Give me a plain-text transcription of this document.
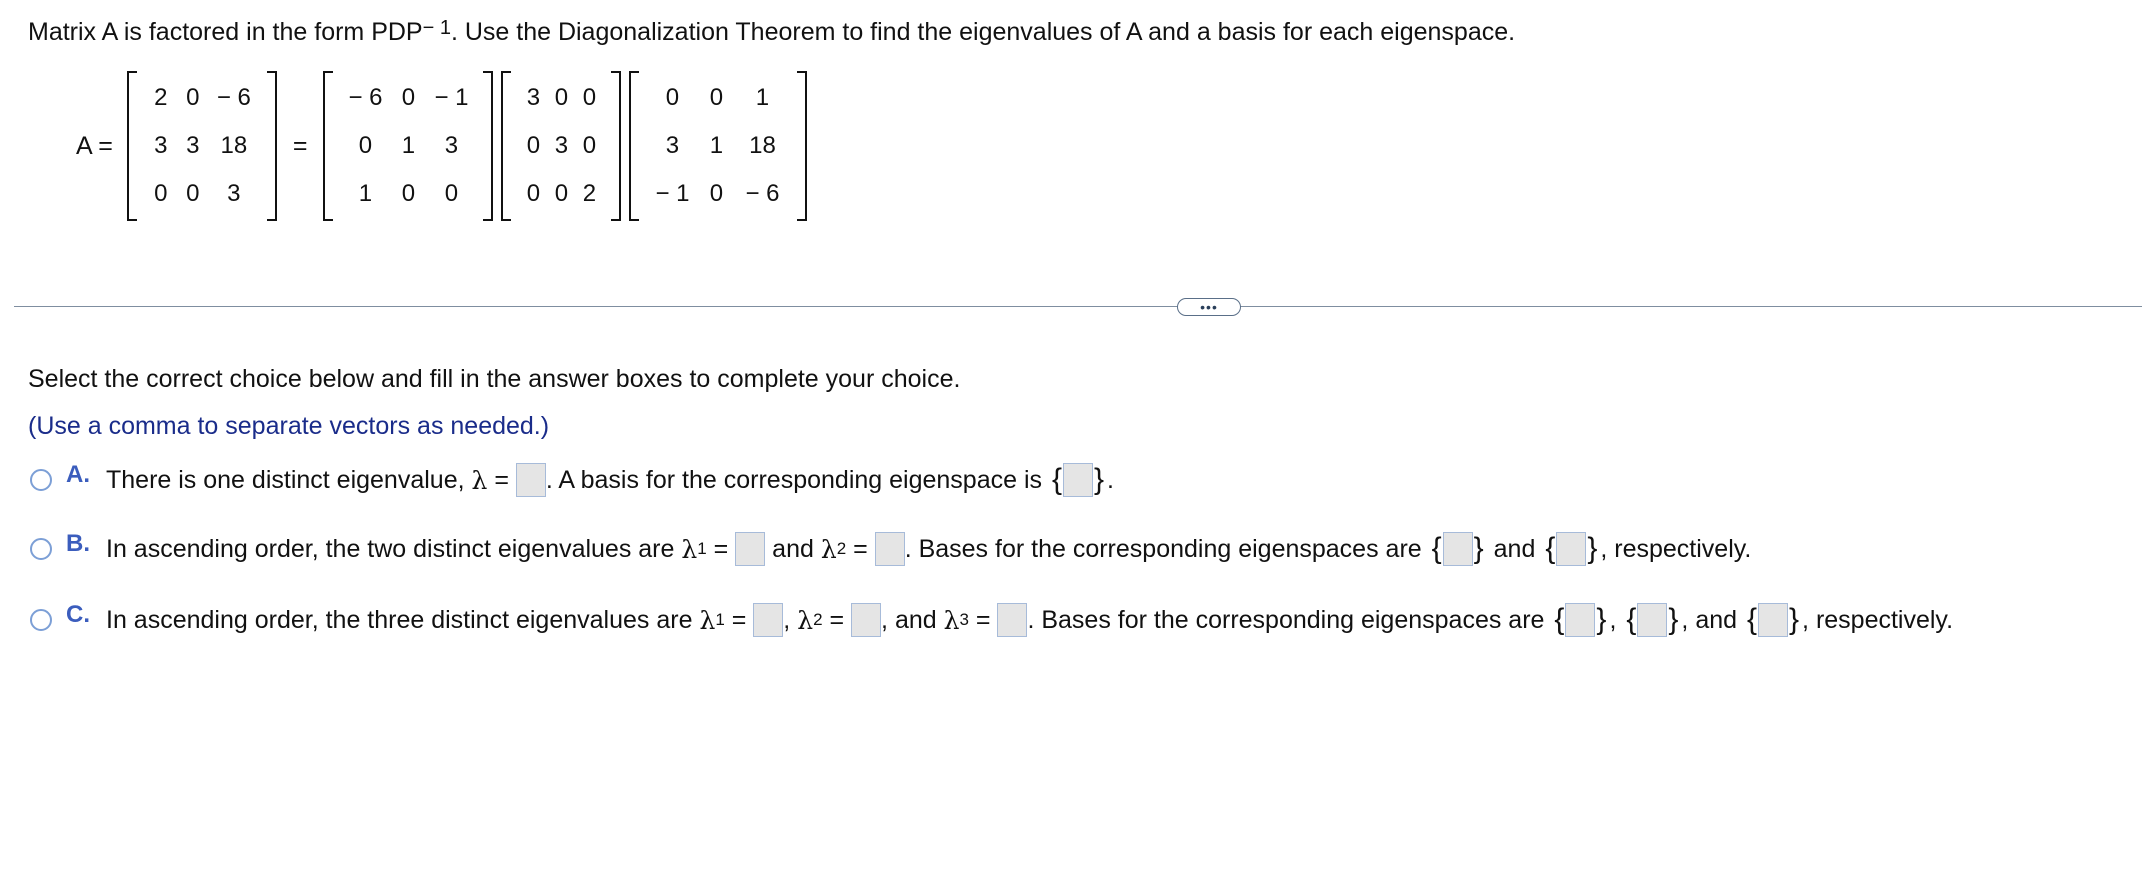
Matrix A is factored in the form $PDP^{- 1}$. Use the Diagonalization Theorem to find the eigenvalues of A and a basis for each eigenspace.
A =
2 0 − 6
3 3 18
0 0	3
=
− 6 0 − 1
0	1	3
1	0	0
3 0 0
0 3 0
0 0 2
0	0	1
3	1	18
− 1 0 − 6
•••
Select the correct choice below and fill in the answer boxes to complete your choice.
(Use a comma to separate vectors as needed.)
A. There is one distinct eigenvalue,
λ
=
. A basis for the corresponding eigenspace is
{ } .
B. In ascending order, the two distinct eigenvalues are
λ 1
=

and
λ 2
=
. Bases for the corresponding eigenspaces are
{ }
and
{ } , respectively.
C. In ascending order, the three distinct eigenvalues are
λ 1
=
,
λ 2
=
, and
λ 3
=
. Bases for the corresponding eigenspaces are
{ } ,
{ } , and
{ } , respectively.
